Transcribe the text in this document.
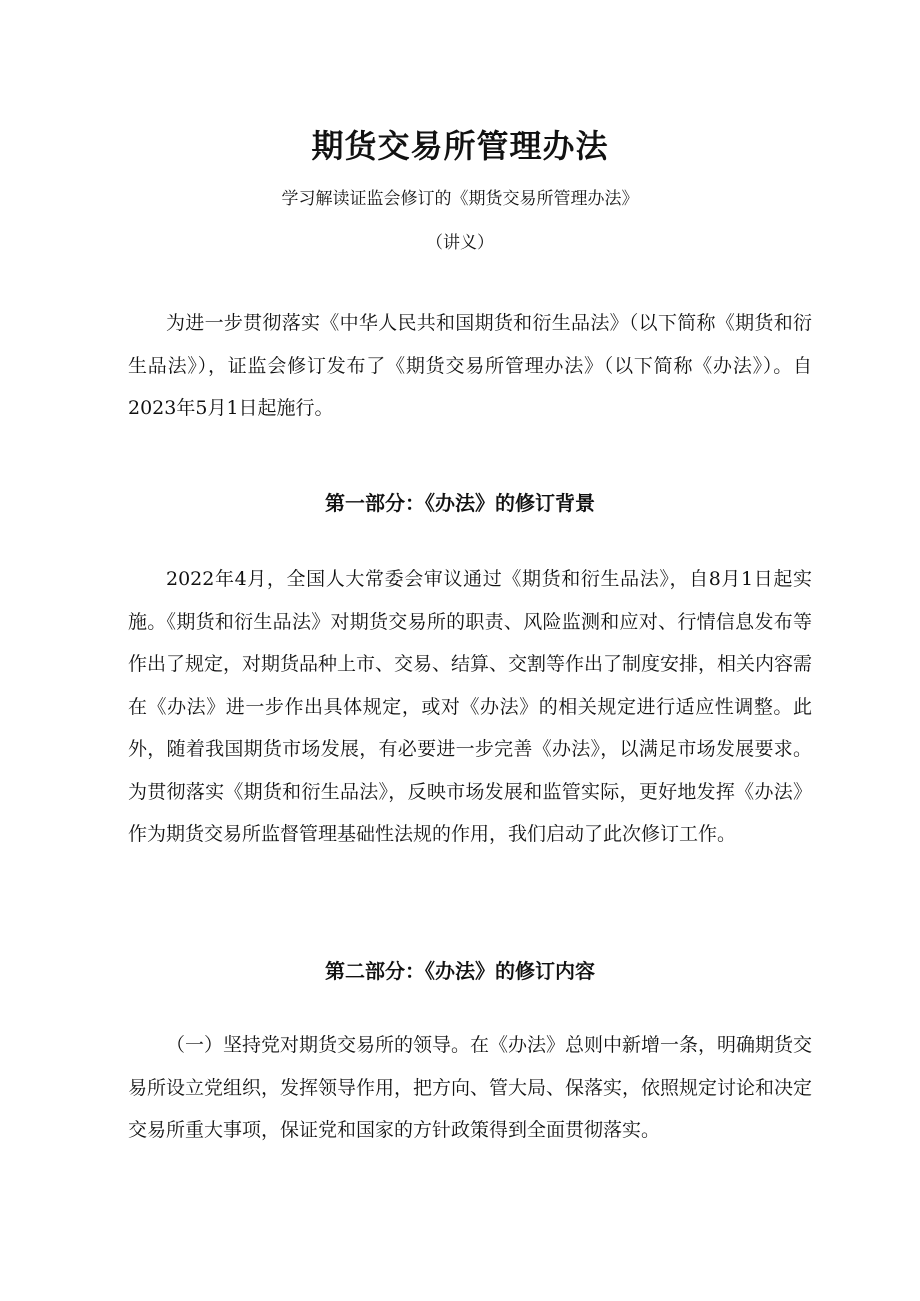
期货交易所管理办法
学习解读证监会修订的《期货交易所管理办法》
（讲义）

为进一步贯彻落实《中华人民共和国期货和衍生品法》（以下简称《期货和衍生品法》），证监会修订发布了《期货交易所管理办法》（以下简称《办法》）。自2023年5月1日起施行。

第一部分：《办法》的修订背景

2022年4月，全国人大常委会审议通过《期货和衍生品法》，自8月1日起实施。《期货和衍生品法》对期货交易所的职责、风险监测和应对、行情信息发布等作出了规定，对期货品种上市、交易、结算、交割等作出了制度安排，相关内容需在《办法》进一步作出具体规定，或对《办法》的相关规定进行适应性调整。此外，随着我国期货市场发展，有必要进一步完善《办法》，以满足市场发展要求。为贯彻落实《期货和衍生品法》，反映市场发展和监管实际，更好地发挥《办法》作为期货交易所监督管理基础性法规的作用，我们启动了此次修订工作。

第二部分：《办法》的修订内容

（一）坚持党对期货交易所的领导。在《办法》总则中新增一条，明确期货交易所设立党组织，发挥领导作用，把方向、管大局、保落实，依照规定讨论和决定交易所重大事项，保证党和国家的方针政策得到全面贯彻落实。
